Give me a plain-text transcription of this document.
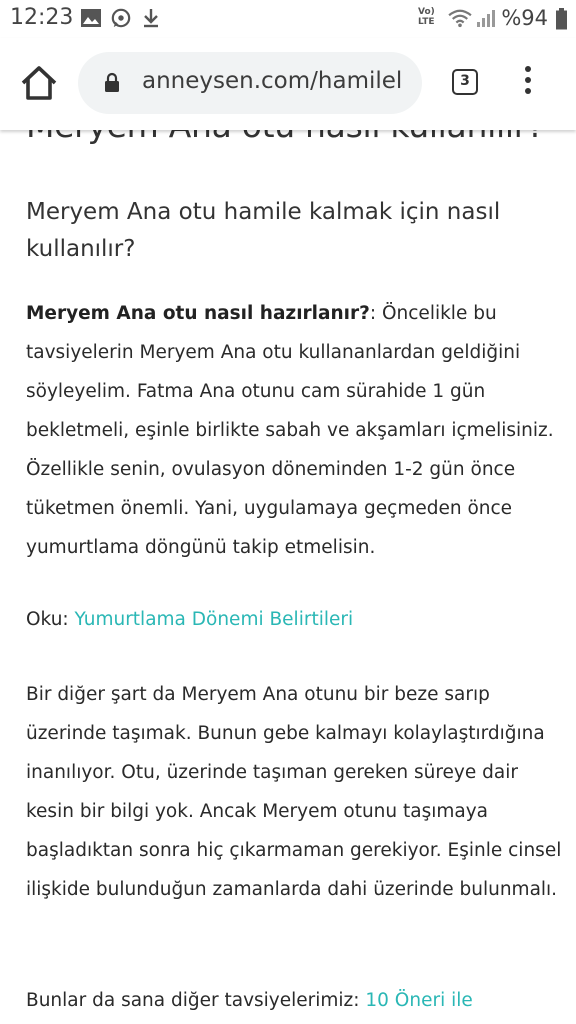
12:23	Vo) LTE	%94
anneysen.com/hamilel	3
Meryem Ana otu hamile kalmak için nasıl kullanılır?
Meryem Ana otu nasıl hazırlanır?: Öncelikle bu tavsiyelerin Meryem Ana otu kullananlardan geldiğini söyleyelim. Fatma Ana otunu cam sürahide 1 gün bekletmeli, eşinle birlikte sabah ve akşamları içmelisiniz. Özellikle senin, ovulasyon döneminden 1-2 gün önce tüketmen önemli. Yani, uygulamaya geçmeden önce yumurtlama döngünü takip etmelisin.
Oku: Yumurtlama Dönemi Belirtileri
Bir diğer şart da Meryem Ana otunu bir beze sarıp üzerinde taşımak. Bunun gebe kalmayı kolaylaştırdığına inanılıyor. Otu, üzerinde taşıman gereken süreye dair kesin bir bilgi yok. Ancak Meryem otunu taşımaya başladıktan sonra hiç çıkarmaman gerekiyor. Eşinle cinsel ilişkide bulunduğun zamanlarda dahi üzerinde bulunmalı.
Bunlar da sana diğer tavsiyelerimiz: 10 Öneri ile
